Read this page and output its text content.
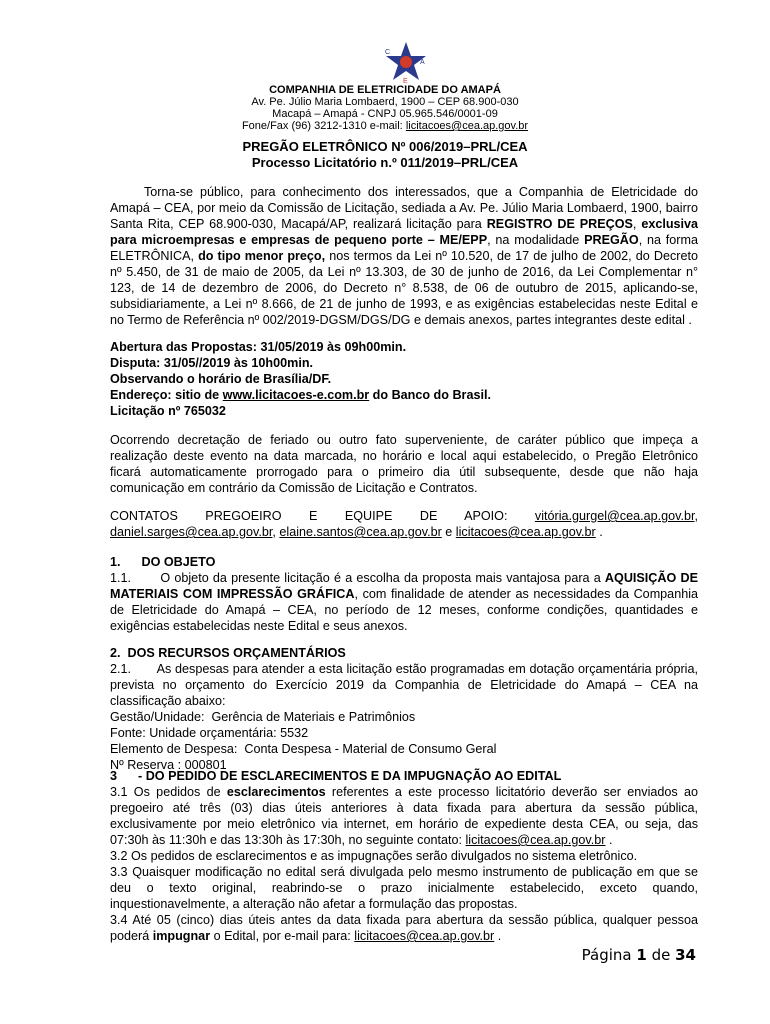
C
A
E
COMPANHIA DE ELETRICIDADE DO AMAPÁ
Av. Pe. Júlio Maria Lombaerd, 1900 – CEP 68.900-030
Macapá – Amapá - CNPJ 05.965.546/0001-09
Fone/Fax (96) 3212-1310 e-mail: licitacoes@cea.ap.gov.br
PREGÃO ELETRÔNICO Nº 006/2019–PRL/CEA
Processo Licitatório n.º 011/2019–PRL/CEA

Torna-se público, para conhecimento dos interessados, que a Companhia de Eletricidade do Amapá – CEA, por meio da Comissão de Licitação, sediada a Av. Pe. Júlio Maria Lombaerd, 1900, bairro Santa Rita, CEP 68.900-030, Macapá/AP, realizará licitação para REGISTRO DE PREÇOS, exclusiva para microempresas e empresas de pequeno porte – ME/EPP, na modalidade PREGÃO, na forma ELETRÔNICA, do tipo menor preço, nos termos da Lei nº 10.520, de 17 de julho de 2002, do Decreto nº 5.450, de 31 de maio de 2005, da Lei nº 13.303, de 30 de junho de 2016, da Lei Complementar n° 123, de 14 de dezembro de 2006, do Decreto n° 8.538, de 06 de outubro de 2015, aplicando-se, subsidiariamente, a Lei nº 8.666, de 21 de junho de 1993, e as exigências estabelecidas neste Edital e no Termo de Referência nº 002/2019-DGSM/DGS/DG e demais anexos, partes integrantes deste edital .

Abertura das Propostas: 31/05/2019 às 09h00min.
Disputa: 31/05//2019 às 10h00min.
Observando o horário de Brasília/DF.
Endereço: sitio de www.licitacoes-e.com.br do Banco do Brasil.
Licitação nº 765032

Ocorrendo decretação de feriado ou outro fato superveniente, de caráter público que impeça a realização deste evento na data marcada, no horário e local aqui estabelecido, o Pregão Eletrônico ficará automaticamente prorrogado para o primeiro dia útil subsequente, desde que não haja comunicação em contrário da Comissão de Licitação e Contratos.

CONTATOS PREGOEIRO E EQUIPE DE APOIO: vitória.gurgel@cea.ap.gov.br, daniel.sarges@cea.ap.gov.br, elaine.santos@cea.ap.gov.br e licitacoes@cea.ap.gov.br .

1.      DO OBJETO

1.1.       O objeto da presente licitação é a escolha da proposta mais vantajosa para a AQUISIÇÃO DE MATERIAIS COM IMPRESSÃO GRÁFICA, com finalidade de atender as necessidades da Companhia de Eletricidade do Amapá – CEA, no período de 12 meses, conforme condições, quantidades e exigências estabelecidas neste Edital e seus anexos.

2.  DOS RECURSOS ORÇAMENTÁRIOS

2.1.       As despesas para atender a esta licitação estão programadas em dotação orçamentária própria, prevista no orçamento do Exercício 2019 da Companhia de Eletricidade do Amapá – CEA na classificação abaixo:

Gestão/Unidade:  Gerência de Materiais e Patrimônios
Fonte: Unidade orçamentária: 5532
Elemento de Despesa:  Conta Despesa - Material de Consumo Geral
Nº Reserva : 000801
3      - DO PEDIDO DE ESCLARECIMENTOS E DA IMPUGNAÇÃO AO EDITAL

3.1 Os pedidos de esclarecimentos referentes a este processo licitatório deverão ser enviados ao pregoeiro até três (03) dias úteis anteriores à data fixada para abertura da sessão pública, exclusivamente por meio eletrônico via internet, em horário de expediente desta CEA, ou seja, das 07:30h às 11:30h e das 13:30h às 17:30h, no seguinte contato: licitacoes@cea.ap.gov.br .

3.2 Os pedidos de esclarecimentos e as impugnações serão divulgados no sistema eletrônico.

3.3 Quaisquer modificação no edital será divulgada pelo mesmo instrumento de publicação em que se deu o texto original, reabrindo-se o prazo inicialmente estabelecido, exceto quando, inquestionavelmente, a alteração não afetar a formulação das propostas.

3.4 Até 05 (cinco) dias úteis antes da data fixada para abertura da sessão pública, qualquer pessoa poderá impugnar o Edital, por e-mail para: licitacoes@cea.ap.gov.br .

Página 1 de 34
